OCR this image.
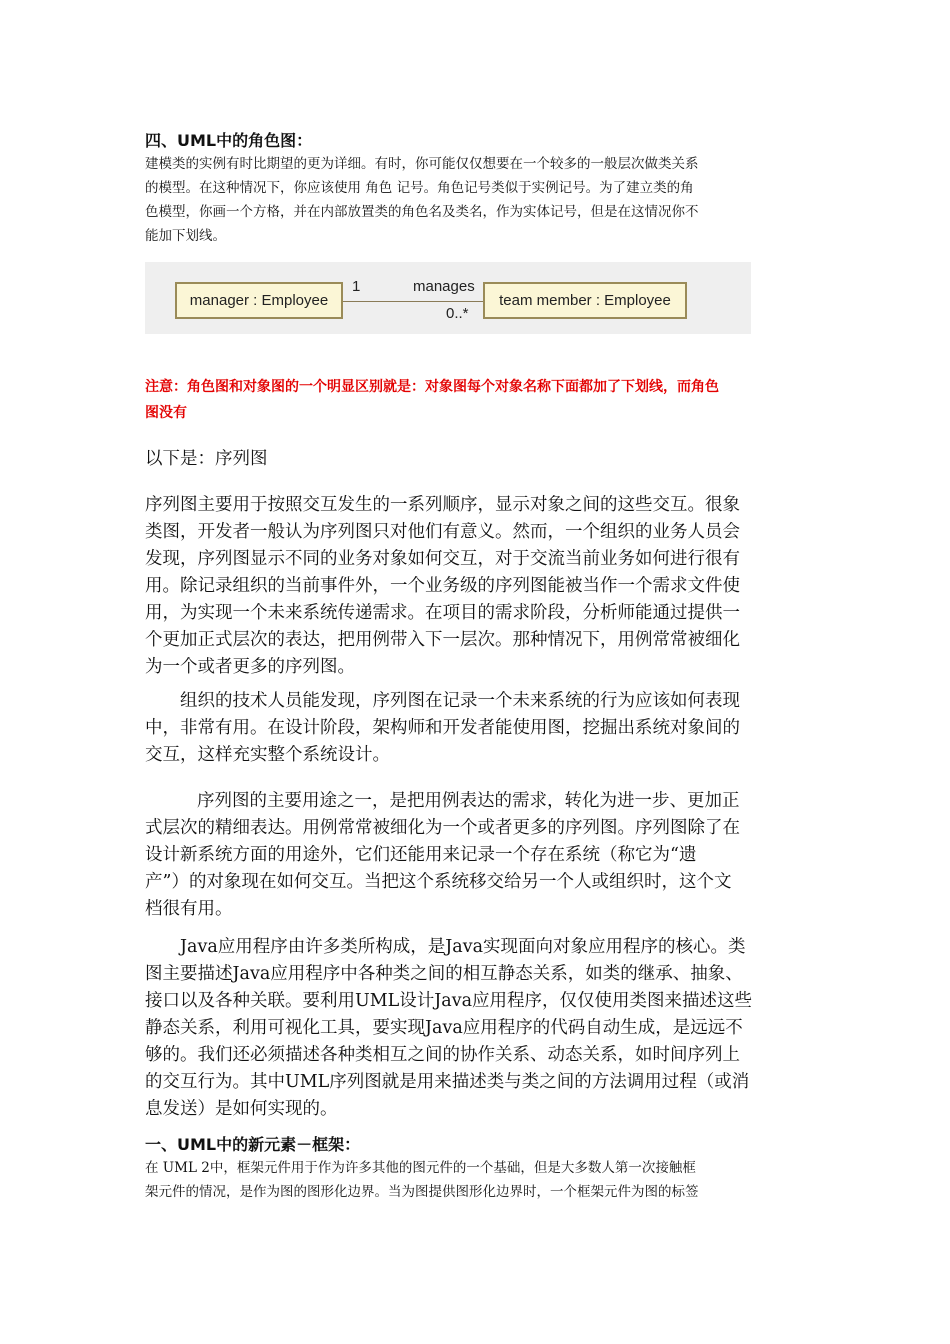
四、UML中的角色图：
建模类的实例有时比期望的更为详细。有时，你可能仅仅想要在一个较多的一般层次做类关系
的模型。在这种情况下，你应该使用 角色 记号。角色记号类似于实例记号。为了建立类的角
色模型，你画一个方格，并在内部放置类的角色名及类名，作为实体记号，但是在这情况你不
能加下划线。
manager : Employee
1	manages
0..*
team member : Employee
注意：角色图和对象图的一个明显区别就是：对象图每个对象名称下面都加了下划线，而角色
图没有
以下是：序列图
序列图主要用于按照交互发生的一系列顺序，显示对象之间的这些交互。很象
类图，开发者一般认为序列图只对他们有意义。然而，一个组织的业务人员会
发现，序列图显示不同的业务对象如何交互，对于交流当前业务如何进行很有
用。除记录组织的当前事件外，一个业务级的序列图能被当作一个需求文件使
用，为实现一个未来系统传递需求。在项目的需求阶段，分析师能通过提供一
个更加正式层次的表达，把用例带入下一层次。那种情况下，用例常常被细化
为一个或者更多的序列图。
组织的技术人员能发现，序列图在记录一个未来系统的行为应该如何表现
中，非常有用。在设计阶段，架构师和开发者能使用图，挖掘出系统对象间的
交互，这样充实整个系统设计。
序列图的主要用途之一，是把用例表达的需求，转化为进一步、更加正
式层次的精细表达。用例常常被细化为一个或者更多的序列图。序列图除了在
设计新系统方面的用途外，它们还能用来记录一个存在系统（称它为“遗
产”）的对象现在如何交互。当把这个系统移交给另一个人或组织时，这个文
档很有用。
Java应用程序由许多类所构成，是Java实现面向对象应用程序的核心。类
图主要描述Java应用程序中各种类之间的相互静态关系，如类的继承、抽象、
接口以及各种关联。要利用UML设计Java应用程序，仅仅使用类图来描述这些
静态关系，利用可视化工具，要实现Java应用程序的代码自动生成，是远远不
够的。我们还必须描述各种类相互之间的协作关系、动态关系，如时间序列上
的交互行为。其中UML序列图就是用来描述类与类之间的方法调用过程（或消
息发送）是如何实现的。
一、UML中的新元素－框架：
在 UML 2中，框架元件用于作为许多其他的图元件的一个基础，但是大多数人第一次接触框
架元件的情况，是作为图的图形化边界。当为图提供图形化边界时，一个框架元件为图的标签
